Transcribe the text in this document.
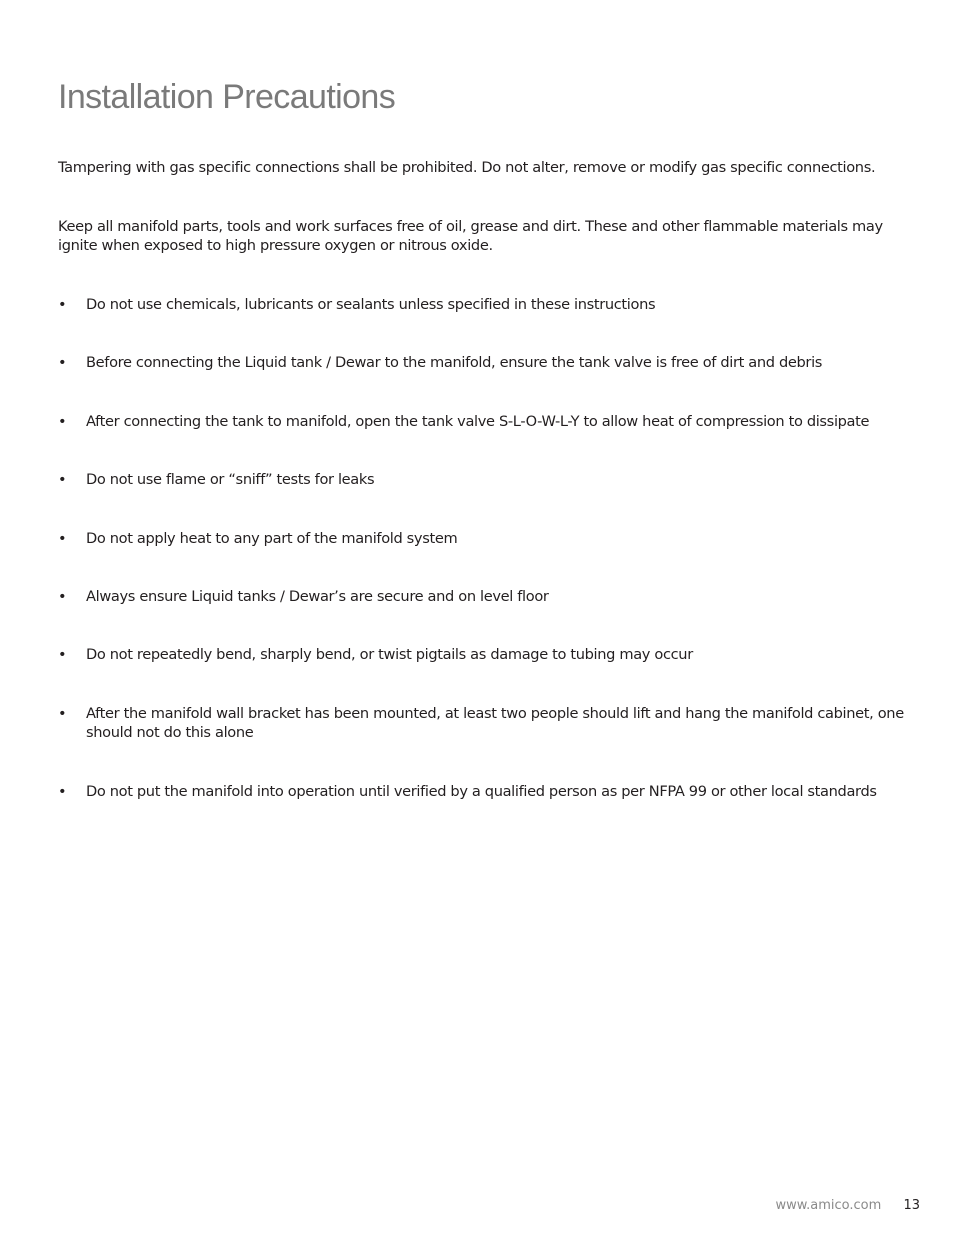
Installation Precautions

Tampering with gas specific connections shall be prohibited. Do not alter, remove or modify gas specific connections.

Keep all manifold parts, tools and work surfaces free of oil, grease and dirt. These and other flammable materials may ignite when exposed to high pressure oxygen or nitrous oxide.

•	Do not use chemicals, lubricants or sealants unless specified in these instructions
•	Before connecting the Liquid tank / Dewar to the manifold, ensure the tank valve is free of dirt and debris
•	After connecting the tank to manifold, open the tank valve S-L-O-W-L-Y to allow heat of compression to dissipate
•	Do not use flame or “sniff” tests for leaks
•	Do not apply heat to any part of the manifold system
•	Always ensure Liquid tanks / Dewar’s are secure and on level floor
•	Do not repeatedly bend, sharply bend, or twist pigtails as damage to tubing may occur
•	After the manifold wall bracket has been mounted, at least two people should lift and hang the manifold cabinet, one should not do this alone
•	Do not put the manifold into operation until verified by a qualified person as per NFPA 99 or other local standards
www.amico.com 13
